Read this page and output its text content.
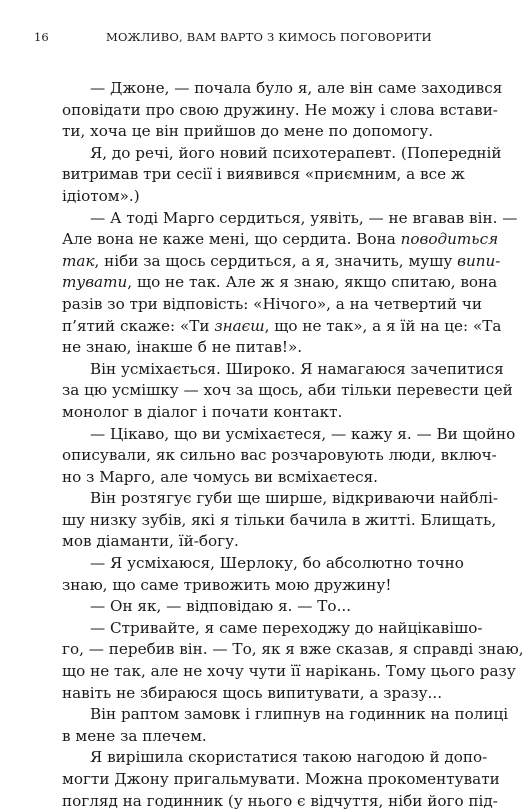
16	МОЖЛИВО, ВАМ ВАРТО З КИМОСЬ ПОГОВОРИТИ
— Джоне, — почала було я, але він саме заходився
оповідати про свою дружину. Не можу і слова встави-
ти, хоча це він прийшов до мене по допомогу.
Я, до речі, його новий психотерапевт. (Попередній
витримав три сесії і виявився «приємним, а все ж
ідіотом».)
— А тоді Марго сердиться, уявіть, — не вгавав він. —
Але вона не каже мені, що сердита. Вона поводиться
так, ніби за щось сердиться, а я, значить, мушу випи-
тувати, що не так. Але ж я знаю, якщо спитаю, вона
разів зо три відповість: «Нічого», а на четвертий чи
п’ятий скаже: «Ти знаєш, що не так», а я їй на це: «Та
не знаю, інакше б не питав!».
Він усміхається. Широко. Я намагаюся зачепитися
за цю усмішку — хоч за щось, аби тільки перевести цей
монолог в діалог і почати контакт.
— Цікаво, що ви усміхаєтеся, — кажу я. — Ви щойно
описували, як сильно вас розчаровують люди, включ-
но з Марго, але чомусь ви всміхаєтеся.
Він розтягує губи ще ширше, відкриваючи найблі-
шу низку зубів, які я тільки бачила в житті. Блищать,
мов діаманти, їй-богу.
— Я усміхаюся, Шерлоку, бо абсолютно точно
знаю, що саме тривожить мою дружину!
— Он як, — відповідаю я. — То...
— Стривайте, я саме переходжу до найцікавішо-
го, — перебив він. — То, як я вже сказав, я справді знаю,
що не так, але не хочу чути її нарікань. Тому цього разу
навіть не збираюся щось випитувати, а зразу...
Він раптом замовк і глипнув на годинник на полиці
в мене за плечем.
Я вирішила скористатися такою нагодою й допо-
могти Джону пригальмувати. Можна прокоментувати
погляд на годинник (у нього є відчуття, ніби його під-
